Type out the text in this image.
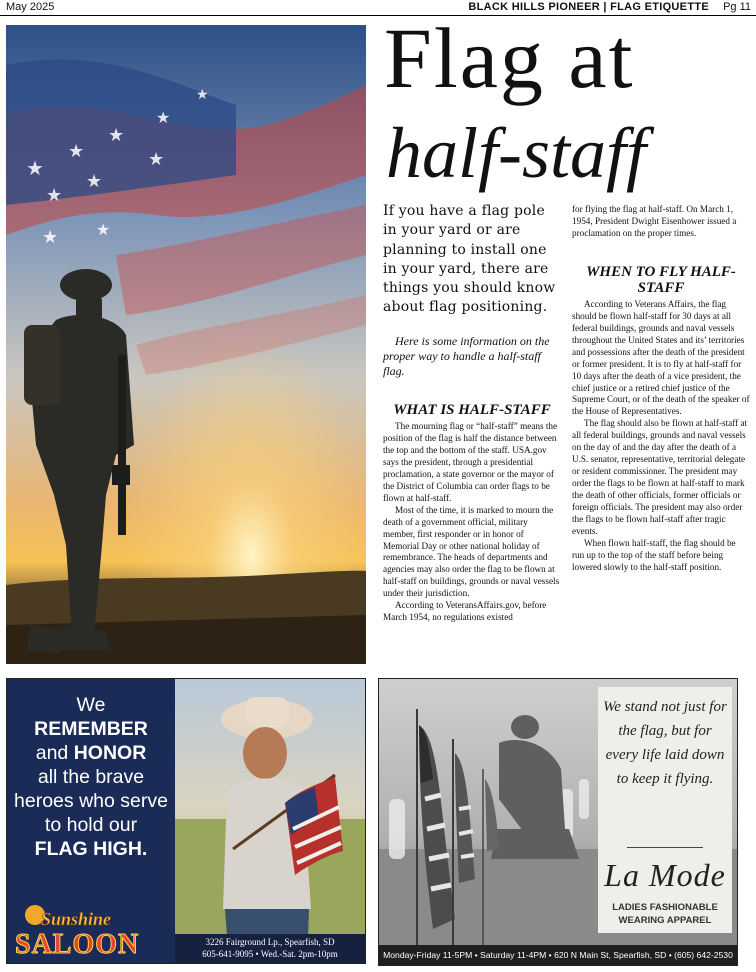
May 2025	BLACK HILLS PIONEER | FLAG ETIQUETTE Pg 11
★
★
★
★
★
★
★ ★
★
★ Flag at
half-staff
If you have a flag pole in your yard or are planning to install one in your yard, there are things you should know about flag positioning.

Here is some information on the proper way to handle a half-staff flag.

WHAT IS HALF-STAFF

The mourning flag or “half-staff” means the position of the flag is half the distance between the top and the bottom of the staff. USA.gov says the president, through a presidential proclamation, a state governor or the mayor of the District of Columbia can order flags to be flown at half-staff.

Most of the time, it is marked to mourn the death of a government official, military member, first responder or in honor of Memorial Day or other national holiday of remembrance. The heads of departments and agencies may also order the flag to be flown at half-staff on buildings, grounds or naval vessels under their jurisdiction.

According to VeteransAffairs.gov, before March 1954, no regulations existed

for flying the flag at half-staff. On March 1, 1954, President Dwight Eisenhower issued a proclamation on the proper times.

WHEN TO FLY HALF-STAFF

According to Veterans Affairs, the flag should be flown half-staff for 30 days at all federal buildings, grounds and naval vessels throughout the United States and its’ territories and possessions after the death of the president or former president. It is to fly at half-staff for 10 days after the death of a vice president, the chief justice or a retired chief justice of the Supreme Court, or of the death of the speaker of the House of Representatives.

The flag should also be flown at half-staff at all federal buildings, grounds and naval vessels on the day of and the day after the death of a U.S. senator, representative, territorial delegate or resident commissioner. The president may order the flags to be flown at half-staff to mark the death of other officials, former officials or foreign officials. The president may also order the flags to be flown half-staff after tragic events.

When flown half-staff, the flag should be run up to the top of the staff before being lowered slowly to the half-staff position.

We
REMEMBER
and HONOR
all the brave heroes who serve to hold our
FLAG HIGH.
Sunshine
SALOON	3226 Fairground Lp., Spearfish, SD
605-641-9095 • Wed.-Sat. 2pm-10pm
We stand not just for the flag, but for every life laid down to keep it flying.
La Mode
LADIES FASHIONABLE
WEARING APPAREL
Monday-Friday 11-5PM • Saturday 11-4PM • 620 N Main St, Spearfish, SD • (605) 642-2530
